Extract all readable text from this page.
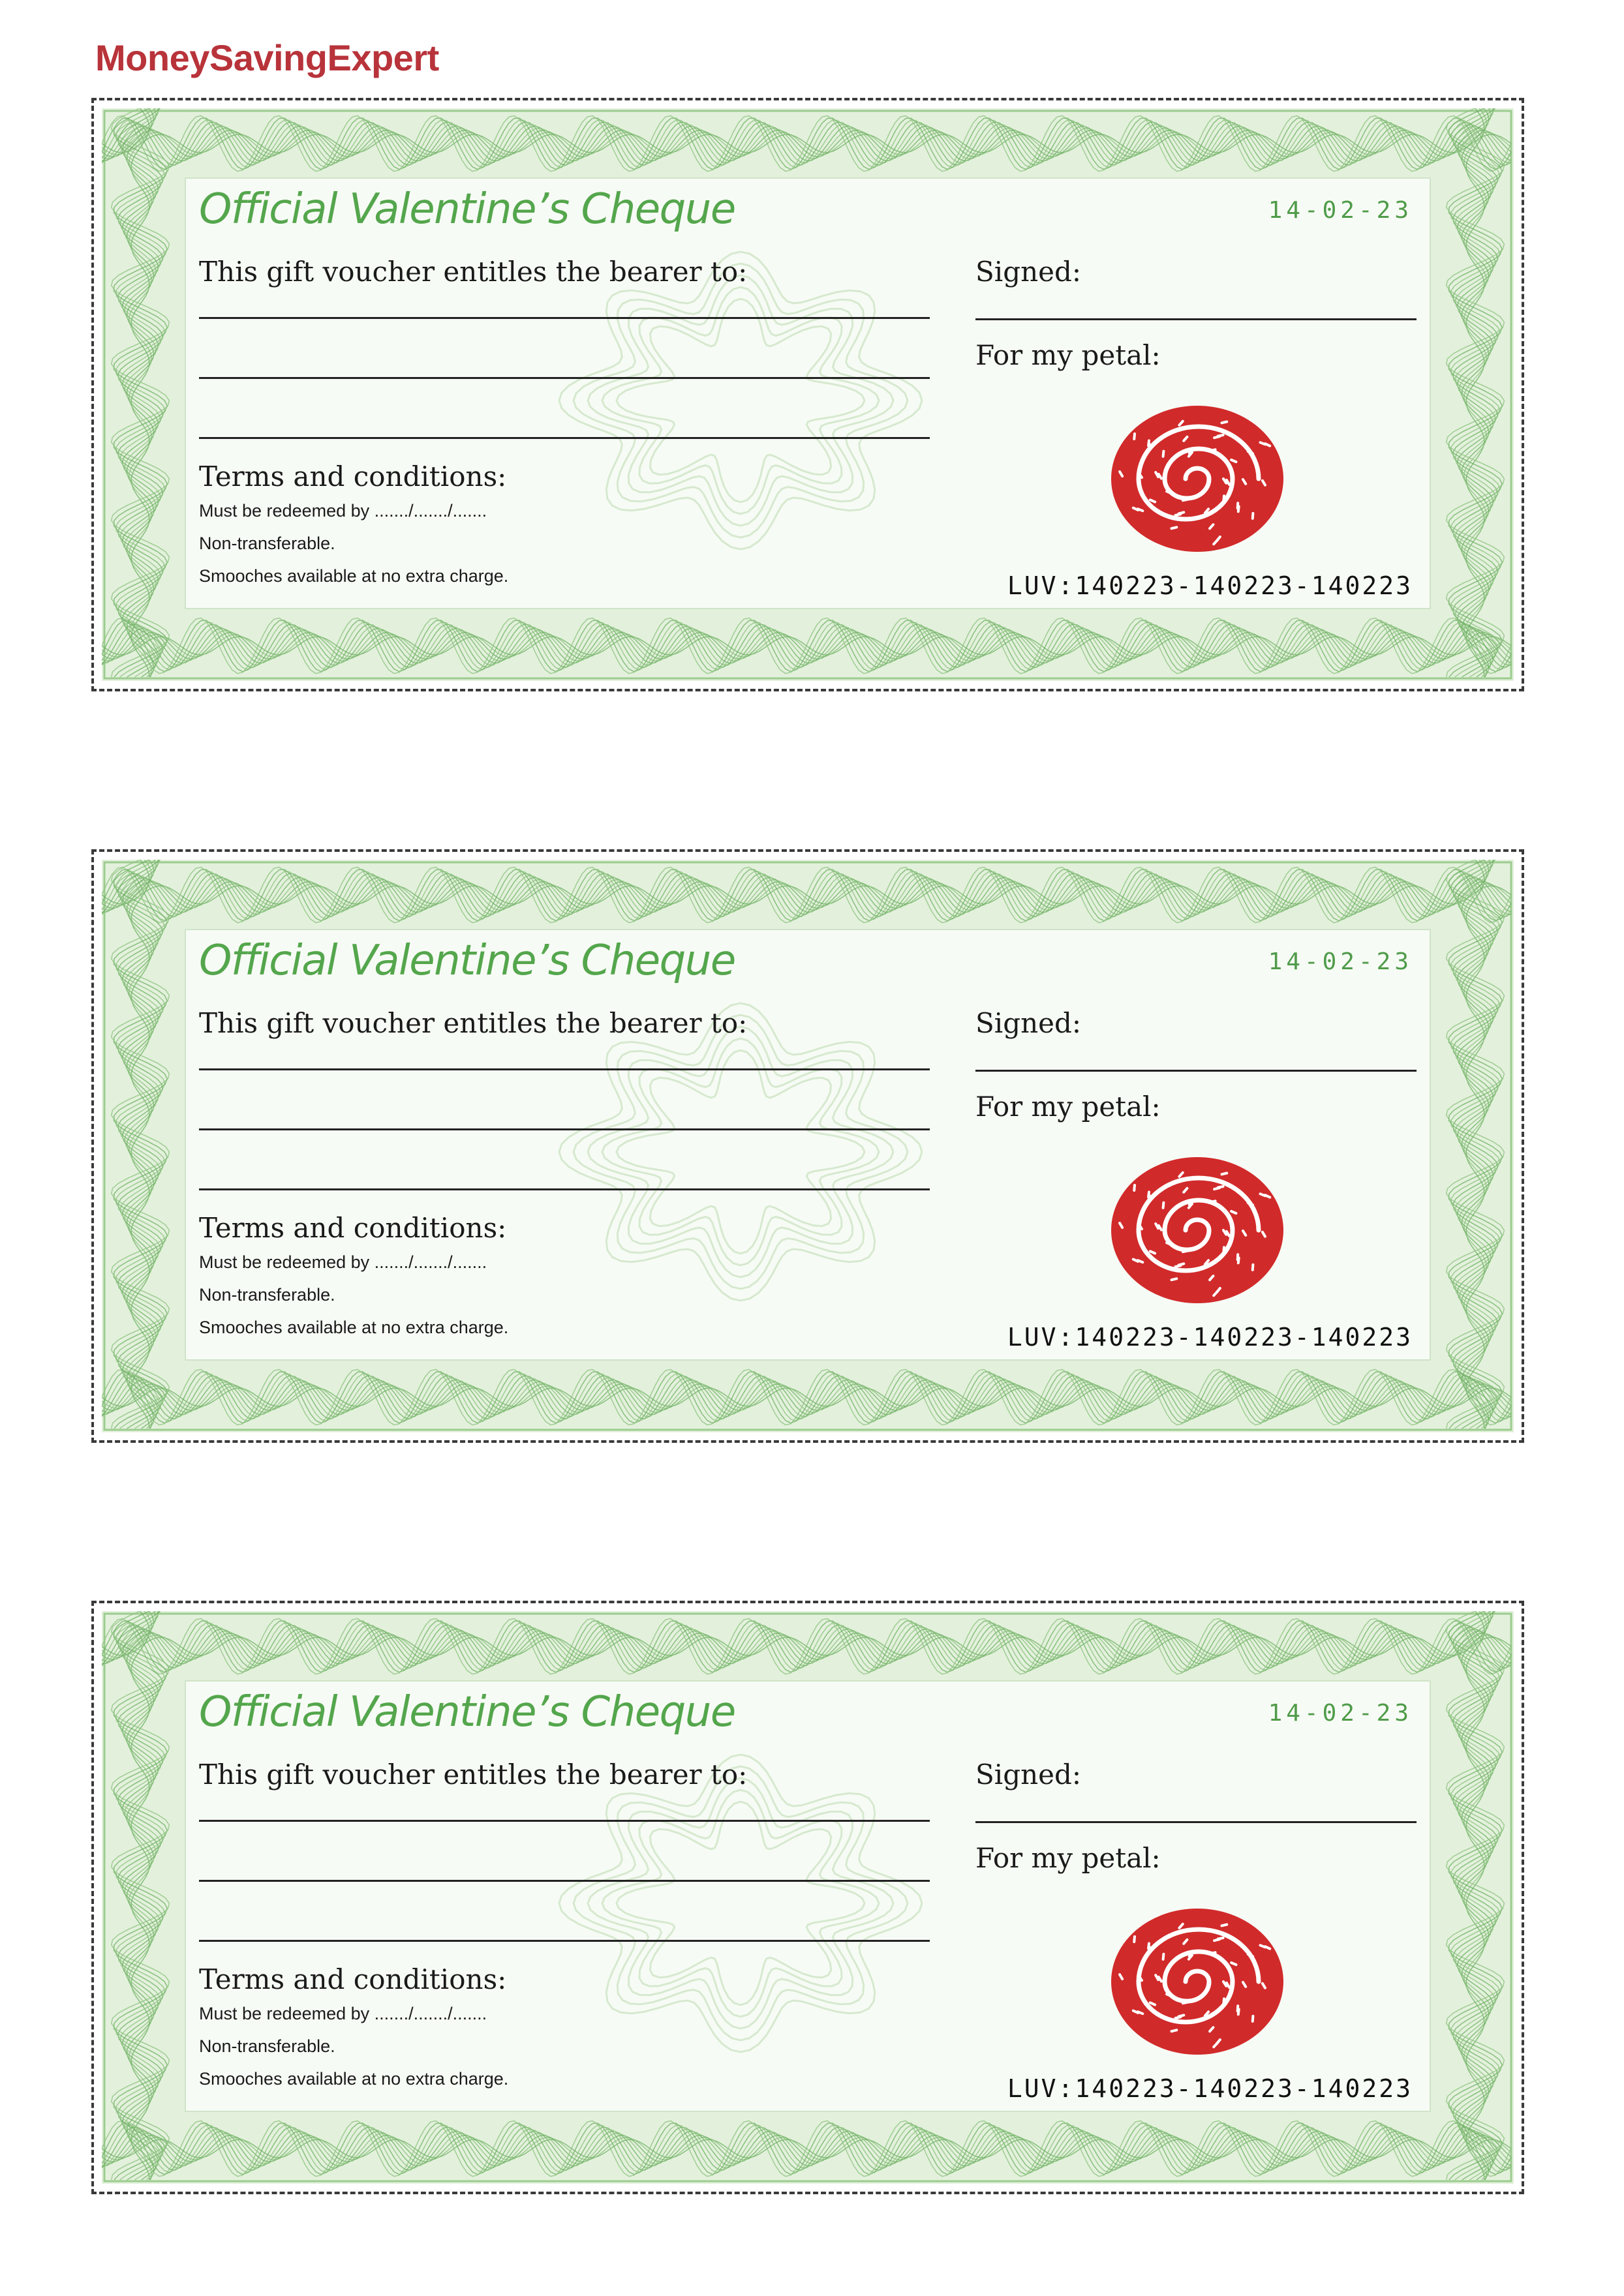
MoneySavingExpert
Official Valentine’s Cheque	14-02-23
This gift voucher entitles the bearer to:	Signed:
For my petal:
Terms and conditions:
Must be redeemed by ......./......./.......
Non-transferable.
Smooches available at no extra charge.	LUV:140223-140223-140223
Official Valentine’s Cheque	14-02-23
This gift voucher entitles the bearer to:	Signed:
For my petal:
Terms and conditions:
Must be redeemed by ......./......./.......
Non-transferable.
Smooches available at no extra charge.	LUV:140223-140223-140223
Official Valentine’s Cheque	14-02-23
This gift voucher entitles the bearer to:	Signed:
For my petal:
Terms and conditions:
Must be redeemed by ......./......./.......
Non-transferable.
Smooches available at no extra charge.	LUV:140223-140223-140223
